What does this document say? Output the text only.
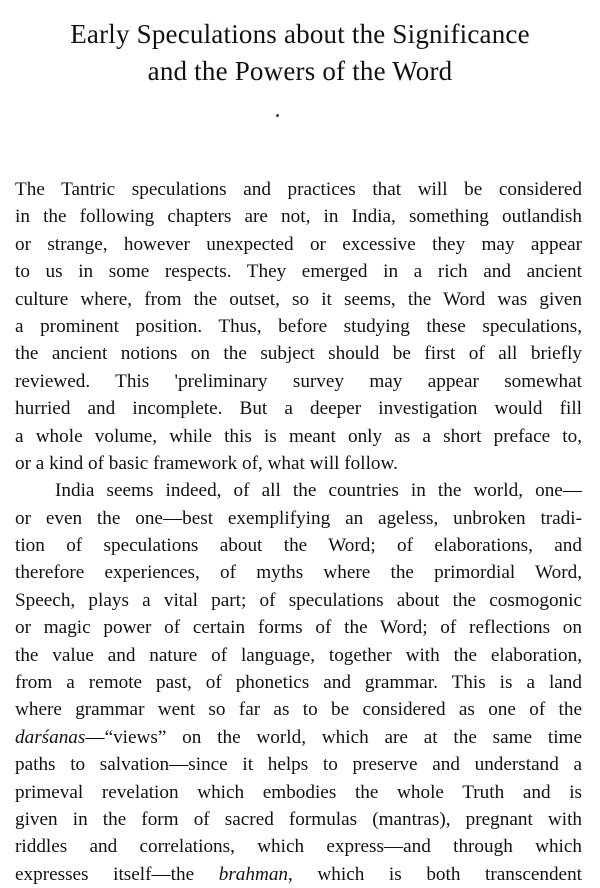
Early Speculations about the Significance
and the Powers of the Word
The Tantric speculations and practices that will be considered
in the following chapters are not, in India, something outlandish
or strange, however unexpected or excessive they may appear
to us in some respects. They emerged in a rich and ancient
culture where, from the outset, so it seems, the Word was given
a prominent position. Thus, before studying these speculations,
the ancient notions on the subject should be first of all briefly
reviewed. This 'preliminary survey may appear somewhat
hurried and incomplete. But a deeper investigation would fill
a whole volume, while this is meant only as a short preface to,
or a kind of basic framework of, what will follow.
India seems indeed, of all the countries in the world, one—
or even the one—best exemplifying an ageless, unbroken tradi-
tion of speculations about the Word; of elaborations, and
therefore experiences, of myths where the primordial Word,
Speech, plays a vital part; of speculations about the cosmogonic
or magic power of certain forms of the Word; of reflections on
the value and nature of language, together with the elaboration,
from a remote past, of phonetics and grammar. This is a land
where grammar went so far as to be considered as one of the
darśanas—“views” on the world, which are at the same time
paths to salvation—since it helps to preserve and understand a
primeval revelation which embodies the whole Truth and is
given in the form of sacred formulas (mantras), pregnant with
riddles and correlations, which express—and through which
expresses itself—the brahman, which is both transcendent
